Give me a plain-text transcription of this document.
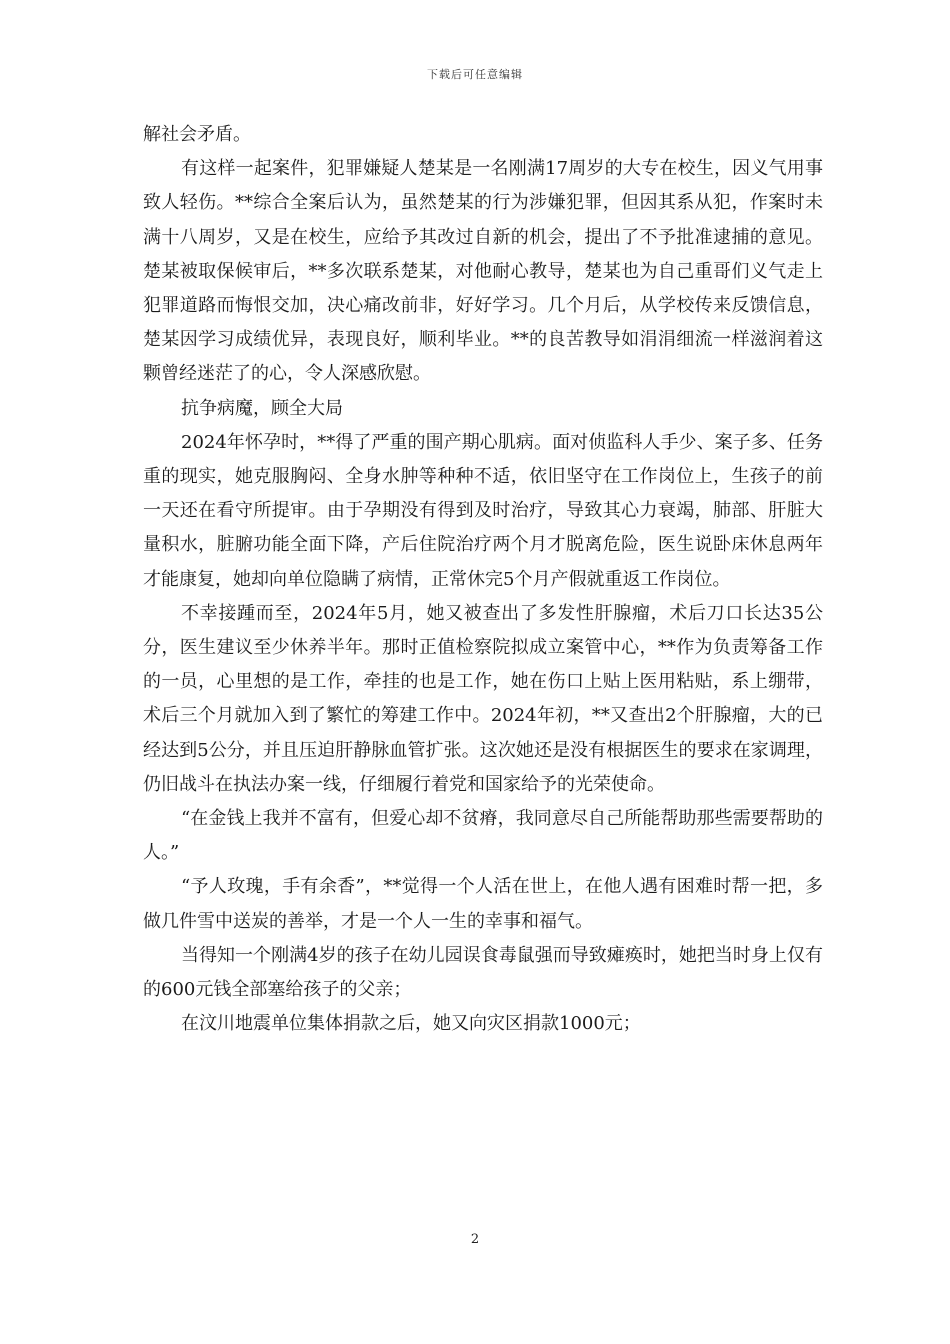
下载后可任意编辑

解社会矛盾。

有这样一起案件，犯罪嫌疑人楚某是一名刚满17周岁的大专在校生，因义气用事致人轻伤。**综合全案后认为，虽然楚某的行为涉嫌犯罪，但因其系从犯，作案时未满十八周岁，又是在校生，应给予其改过自新的机会，提出了不予批准逮捕的意见。楚某被取保候审后，**多次联系楚某，对他耐心教导，楚某也为自己重哥们义气走上犯罪道路而悔恨交加，决心痛改前非，好好学习。几个月后，从学校传来反馈信息，楚某因学习成绩优异，表现良好，顺利毕业。**的良苦教导如涓涓细流一样滋润着这颗曾经迷茫了的心，令人深感欣慰。

抗争病魔，顾全大局

2024年怀孕时，**得了严重的围产期心肌病。面对侦监科人手少、案子多、任务重的现实，她克服胸闷、全身水肿等种种不适，依旧坚守在工作岗位上，生孩子的前一天还在看守所提审。由于孕期没有得到及时治疗，导致其心力衰竭，肺部、肝脏大量积水，脏腑功能全面下降，产后住院治疗两个月才脱离危险，医生说卧床休息两年才能康复，她却向单位隐瞒了病情，正常休完5个月产假就重返工作岗位。

不幸接踵而至，2024年5月，她又被查出了多发性肝腺瘤，术后刀口长达35公分，医生建议至少休养半年。那时正值检察院拟成立案管中心，**作为负责筹备工作的一员，心里想的是工作，牵挂的也是工作，她在伤口上贴上医用粘贴，系上绷带，术后三个月就加入到了繁忙的筹建工作中。2024年初，**又查出2个肝腺瘤，大的已经达到5公分，并且压迫肝静脉血管扩张。这次她还是没有根据医生的要求在家调理，仍旧战斗在执法办案一线，仔细履行着党和国家给予的光荣使命。

“在金钱上我并不富有，但爱心却不贫瘠，我同意尽自己所能帮助那些需要帮助的人。”

“予人玫瑰，手有余香”，**觉得一个人活在世上，在他人遇有困难时帮一把，多做几件雪中送炭的善举，才是一个人一生的幸事和福气。

当得知一个刚满4岁的孩子在幼儿园误食毒鼠强而导致瘫痪时，她把当时身上仅有的600元钱全部塞给孩子的父亲；

在汶川地震单位集体捐款之后，她又向灾区捐款1000元；

2
